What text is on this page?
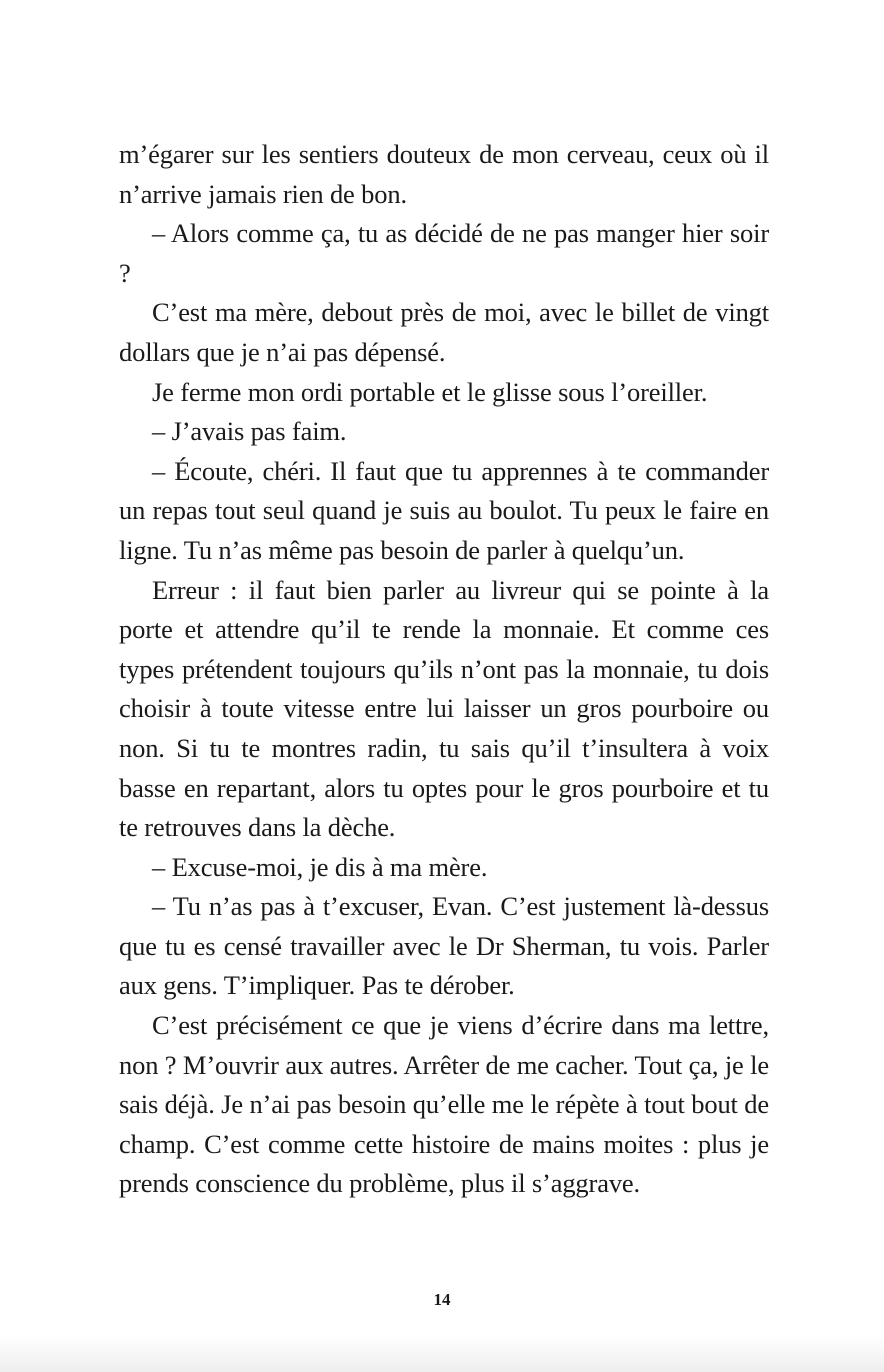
m’égarer sur les sentiers douteux de mon cerveau, ceux où il n’arrive jamais rien de bon.

– Alors comme ça, tu as décidé de ne pas manger hier soir ?

C’est ma mère, debout près de moi, avec le billet de vingt dollars que je n’ai pas dépensé.

Je ferme mon ordi portable et le glisse sous l’oreiller.

– J’avais pas faim.

– Écoute, chéri. Il faut que tu apprennes à te commander un repas tout seul quand je suis au boulot. Tu peux le faire en ligne. Tu n’as même pas besoin de parler à quelqu’un.

Erreur : il faut bien parler au livreur qui se pointe à la porte et attendre qu’il te rende la monnaie. Et comme ces types prétendent toujours qu’ils n’ont pas la monnaie, tu dois choisir à toute vitesse entre lui laisser un gros pourboire ou non. Si tu te montres radin, tu sais qu’il t’insultera à voix basse en repartant, alors tu optes pour le gros pourboire et tu te retrouves dans la dèche.

– Excuse-moi, je dis à ma mère.

– Tu n’as pas à t’excuser, Evan. C’est justement là-dessus que tu es censé travailler avec le Dr Sherman, tu vois. Parler aux gens. T’impliquer. Pas te dérober.

C’est précisément ce que je viens d’écrire dans ma lettre, non ? M’ouvrir aux autres. Arrêter de me cacher. Tout ça, je le sais déjà. Je n’ai pas besoin qu’elle me le répète à tout bout de champ. C’est comme cette histoire de mains moites : plus je prends conscience du problème, plus il s’aggrave.

14
